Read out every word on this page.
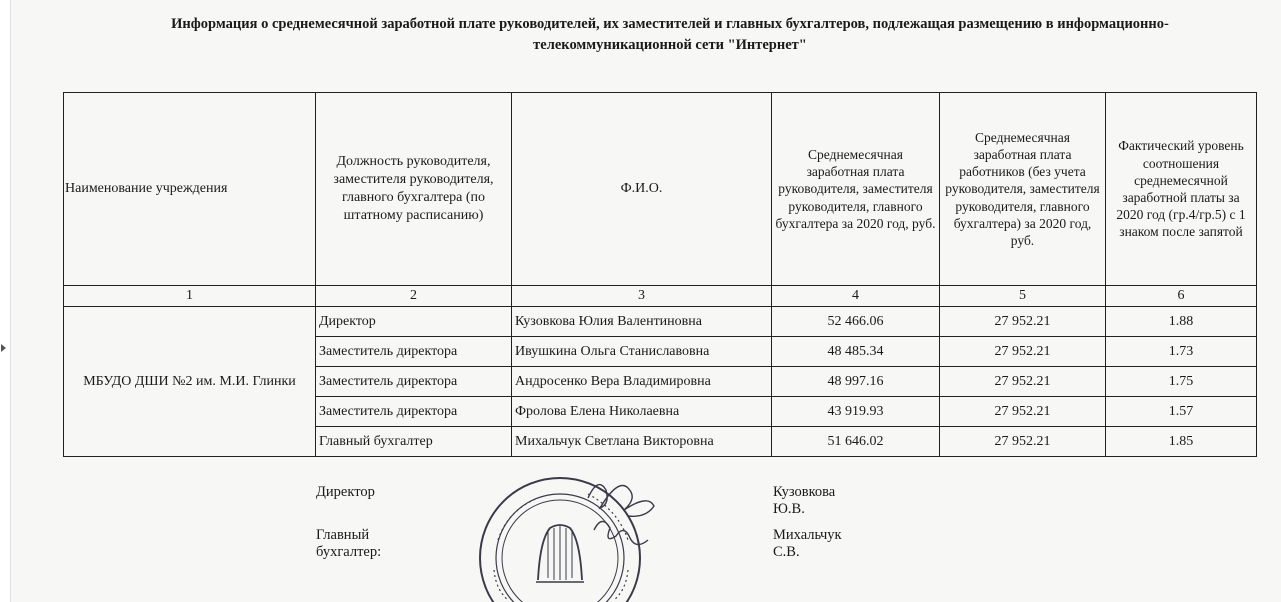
Информация о среднемесячной заработной плате руководителей, их заместителей и главных бухгалтеров, подлежащая размещению в информационно-
телекоммуникационной сети "Интернет"
Наименование учреждения	Должность руководителя, заместителя руководителя, главного бухгалтера (по штатному расписанию)	Ф.И.О.	Среднемесячная заработная плата руководителя, заместителя руководителя, главного бухгалтера за 2020 год, руб.	Среднемесячная заработная плата работников (без учета руководителя, заместителя руководителя, главного бухгалтера) за 2020 год, руб.	Фактический уровень соотношения среднемесячной заработной платы за 2020 год (гр.4/гр.5) с 1 знаком после запятой
1	2	3	4	5	6
МБУДО ДШИ №2 им. М.И. Глинки	Директор	Кузовкова Юлия Валентиновна	52 466.06	27 952.21	1.88
	Заместитель директора	Ивушкина Ольга Станиславовна	48 485.34	27 952.21	1.73
	Заместитель директора	Андросенко Вера Владимировна	48 997.16	27 952.21	1.75
	Заместитель директора	Фролова Елена Николаевна	43 919.93	27 952.21	1.57
	Главный бухгалтер	Михальчук Светлана Викторовна	51 646.02	27 952.21	1.85
Директор	Кузовкова Ю.В.
Главный бухгалтер:
Михальчук С.В.
